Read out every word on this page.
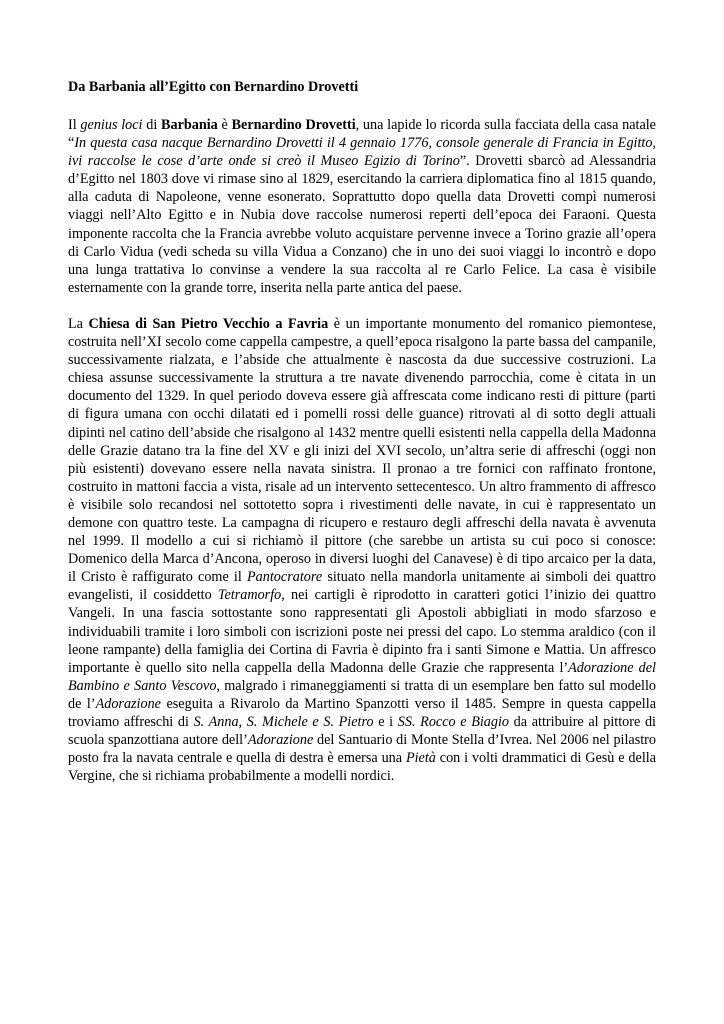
Da Barbania all’Egitto con Bernardino Drovetti
Il genius loci di Barbania è Bernardino Drovetti, una lapide lo ricorda sulla facciata della casa natale “In questa casa nacque Bernardino Drovetti il 4 gennaio 1776, console generale di Francia in Egitto, ivi raccolse le cose d’arte onde si creò il Museo Egizio di Torino”. Drovetti sbarcò ad Alessandria d’Egitto nel 1803 dove vi rimase sino al 1829, esercitando la carriera diplomatica fino al 1815 quando, alla caduta di Napoleone, venne esonerato. Soprattutto dopo quella data Drovetti compì numerosi viaggi nell’Alto Egitto e in Nubia dove raccolse numerosi reperti dell’epoca dei Faraoni. Questa imponente raccolta che la Francia avrebbe voluto acquistare pervenne invece a Torino grazie all’opera di Carlo Vidua (vedi scheda su villa Vidua a Conzano) che in uno dei suoi viaggi lo incontrò e dopo una lunga trattativa lo convinse a vendere la sua raccolta al re Carlo Felice. La casa è visibile esternamente con la grande torre, inserita nella parte antica del paese.
La Chiesa di San Pietro Vecchio a Favria è un importante monumento del romanico piemontese, costruita nell’XI secolo come cappella campestre, a quell’epoca risalgono la parte bassa del campanile, successivamente rialzata, e l’abside che attualmente è nascosta da due successive costruzioni. La chiesa assunse successivamente la struttura a tre navate divenendo parrocchia, come è citata in un documento del 1329. In quel periodo doveva essere già affrescata come indicano resti di pitture (parti di figura umana con occhi dilatati ed i pomelli rossi delle guance) ritrovati al di sotto degli attuali dipinti nel catino dell’abside che risalgono al 1432 mentre quelli esistenti nella cappella della Madonna delle Grazie datano tra la fine del XV e gli inizi del XVI secolo, un’altra serie di affreschi (oggi non più esistenti) dovevano essere nella navata sinistra. Il pronao a tre fornici con raffinato frontone, costruito in mattoni faccia a vista, risale ad un intervento settecentesco. Un altro frammento di affresco è visibile solo recandosi nel sottotetto sopra i rivestimenti delle navate, in cui è rappresentato un demone con quattro teste. La campagna di ricupero e restauro degli affreschi della navata è avvenuta nel 1999. Il modello a cui si richiamò il pittore (che sarebbe un artista su cui poco si conosce: Domenico della Marca d’Ancona, operoso in diversi luoghi del Canavese) è di tipo arcaico per la data, il Cristo è raffigurato come il Pantocratore situato nella mandorla unitamente ai simboli dei quattro evangelisti, il cosiddetto Tetramorfo, nei cartigli è riprodotto in caratteri gotici l’inizio dei quattro Vangeli. In una fascia sottostante sono rappresentati gli Apostoli abbigliati in modo sfarzoso e individuabili tramite i loro simboli con iscrizioni poste nei pressi del capo. Lo stemma araldico (con il leone rampante) della famiglia dei Cortina di Favria è dipinto fra i santi Simone e Mattia. Un affresco importante è quello sito nella cappella della Madonna delle Grazie che rappresenta l’Adorazione del Bambino e Santo Vescovo, malgrado i rimaneggiamenti si tratta di un esemplare ben fatto sul modello de l’Adorazione eseguita a Rivarolo da Martino Spanzotti verso il 1485. Sempre in questa cappella troviamo affreschi di S. Anna, S. Michele e S. Pietro e i SS. Rocco e Biagio da attribuire al pittore di scuola spanzottiana autore dell’Adorazione del Santuario di Monte Stella d’Ivrea. Nel 2006 nel pilastro posto fra la navata centrale e quella di destra è emersa una Pietà con i volti drammatici di Gesù e della Vergine, che si richiama probabilmente a modelli nordici.
